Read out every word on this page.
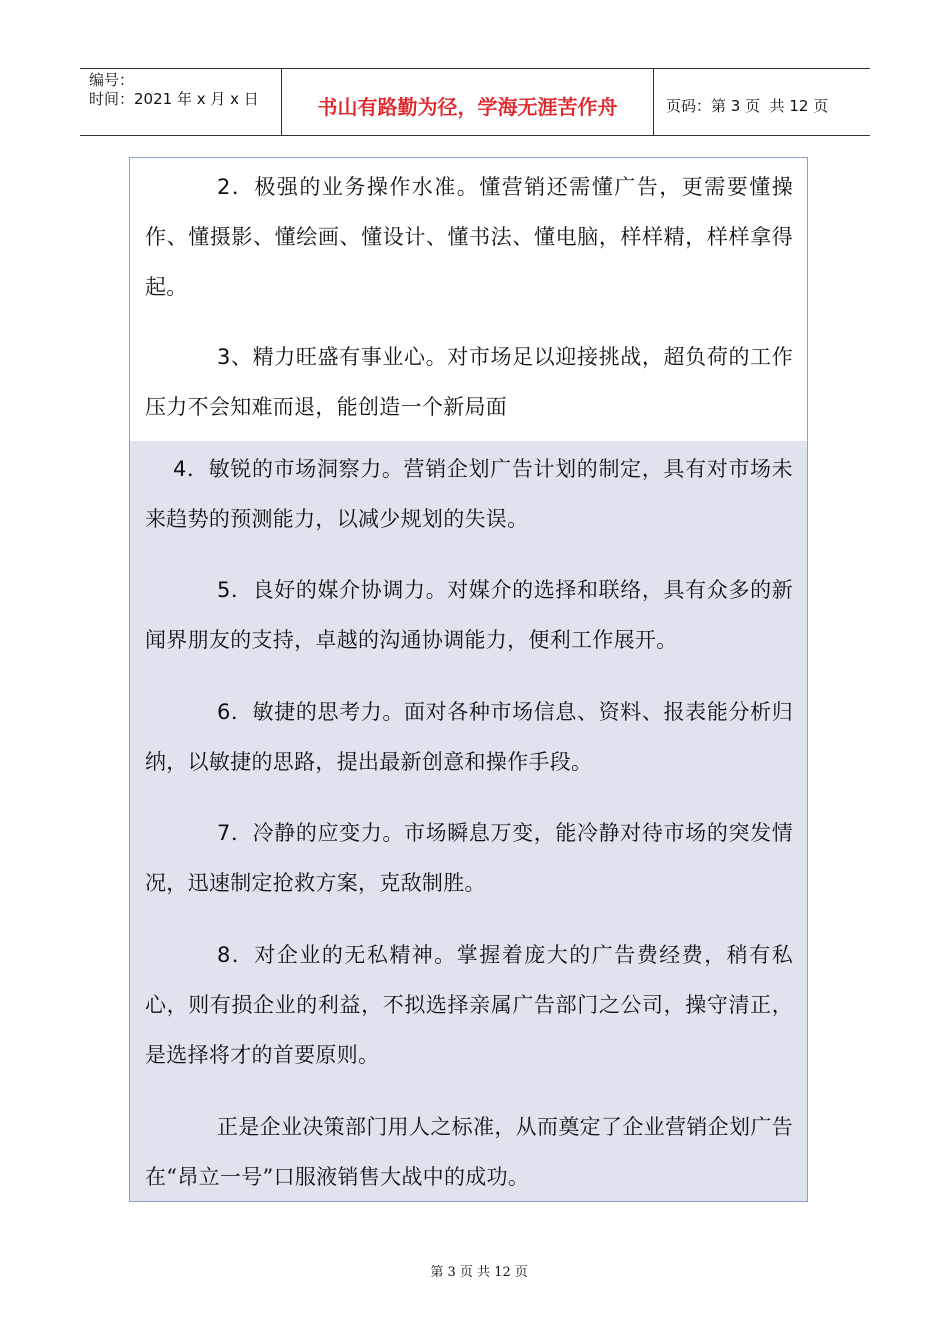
编号：
时间：2021 年 x 月 x 日	书山有路勤为径，学海无涯苦作舟	页码：第 3 页  共 12 页
2．极强的业务操作水准。懂营销还需懂广告，更需要懂操作、懂摄影、懂绘画、懂设计、懂书法、懂电脑，样样精，样样拿得起。
3、精力旺盛有事业心。对市场足以迎接挑战，超负荷的工作压力不会知难而退，能创造一个新局面
4．敏锐的市场洞察力。营销企划广告计划的制定，具有对市场未来趋势的预测能力，以减少规划的失误。
5．良好的媒介协调力。对媒介的选择和联络，具有众多的新闻界朋友的支持，卓越的沟通协调能力，便利工作展开。
6．敏捷的思考力。面对各种市场信息、资料、报表能分析归纳，以敏捷的思路，提出最新创意和操作手段。
7．冷静的应变力。市场瞬息万变，能冷静对待市场的突发情况，迅速制定抢救方案，克敌制胜。
8．对企业的无私精神。掌握着庞大的广告费经费，稍有私心，则有损企业的利益，不拟选择亲属广告部门之公司，操守清正，是选择将才的首要原则。
正是企业决策部门用人之标准，从而奠定了企业营销企划广告在“昂立一号”口服液销售大战中的成功。

第 3 页 共 12 页
